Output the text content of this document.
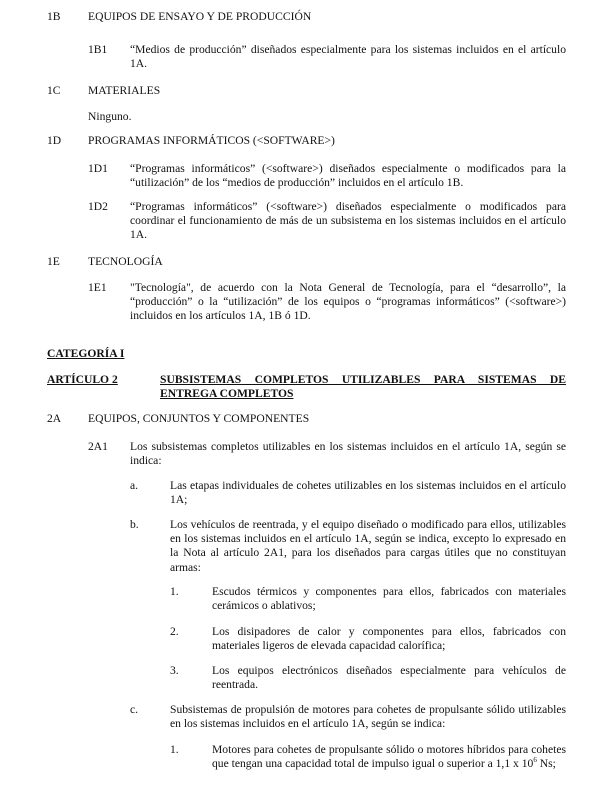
1B EQUIPOS DE ENSAYO Y DE PRODUCCIÓN
1B1 “Medios de producción” diseñados especialmente para los sistemas incluidos en el artículo 1A.
1C MATERIALES
Ninguno.
1D PROGRAMAS INFORMÁTICOS (<SOFTWARE>)
1D1 “Programas informáticos” (<software>) diseñados especialmente o modificados para la “utilización” de los “medios de producción” incluidos en el artículo 1B.
1D2 “Programas informáticos” (<software>) diseñados especialmente o modificados para coordinar el funcionamiento de más de un subsistema en los sistemas incluidos en el artículo 1A.
1E TECNOLOGÍA
1E1 "Tecnología", de acuerdo con la Nota General de Tecnología, para el “desarrollo”, la “producción” o la “utilización” de los equipos o “programas informáticos” (<software>) incluidos en los artículos 1A, 1B ó 1D.
CATEGORÍA I
ARTÍCULO 2	SUBSISTEMAS COMPLETOS UTILIZABLES PARA SISTEMAS DE ENTREGA COMPLETOS
2A EQUIPOS, CONJUNTOS Y COMPONENTES
2A1 Los subsistemas completos utilizables en los sistemas incluidos en el artículo 1A, según se indica:
a.	Las etapas individuales de cohetes utilizables en los sistemas incluidos en el artículo 1A;
b.	Los vehículos de reentrada, y el equipo diseñado o modificado para ellos, utilizables en los sistemas incluidos en el artículo 1A, según se indica, excepto lo expresado en la Nota al artículo 2A1, para los diseñados para cargas útiles que no constituyan armas:
1.	Escudos térmicos y componentes para ellos, fabricados con materiales cerámicos o ablativos;
2.	Los disipadores de calor y componentes para ellos, fabricados con materiales ligeros de elevada capacidad calorífica;
3.	Los equipos electrónicos diseñados especialmente para vehículos de reentrada.
c.	Subsistemas de propulsión de motores para cohetes de propulsante sólido utilizables en los sistemas incluidos en el artículo 1A, según se indica:
1.	Motores para cohetes de propulsante sólido o motores híbridos para cohetes que tengan una capacidad total de impulso igual o superior a 1,1 x $10^6$ Ns;
